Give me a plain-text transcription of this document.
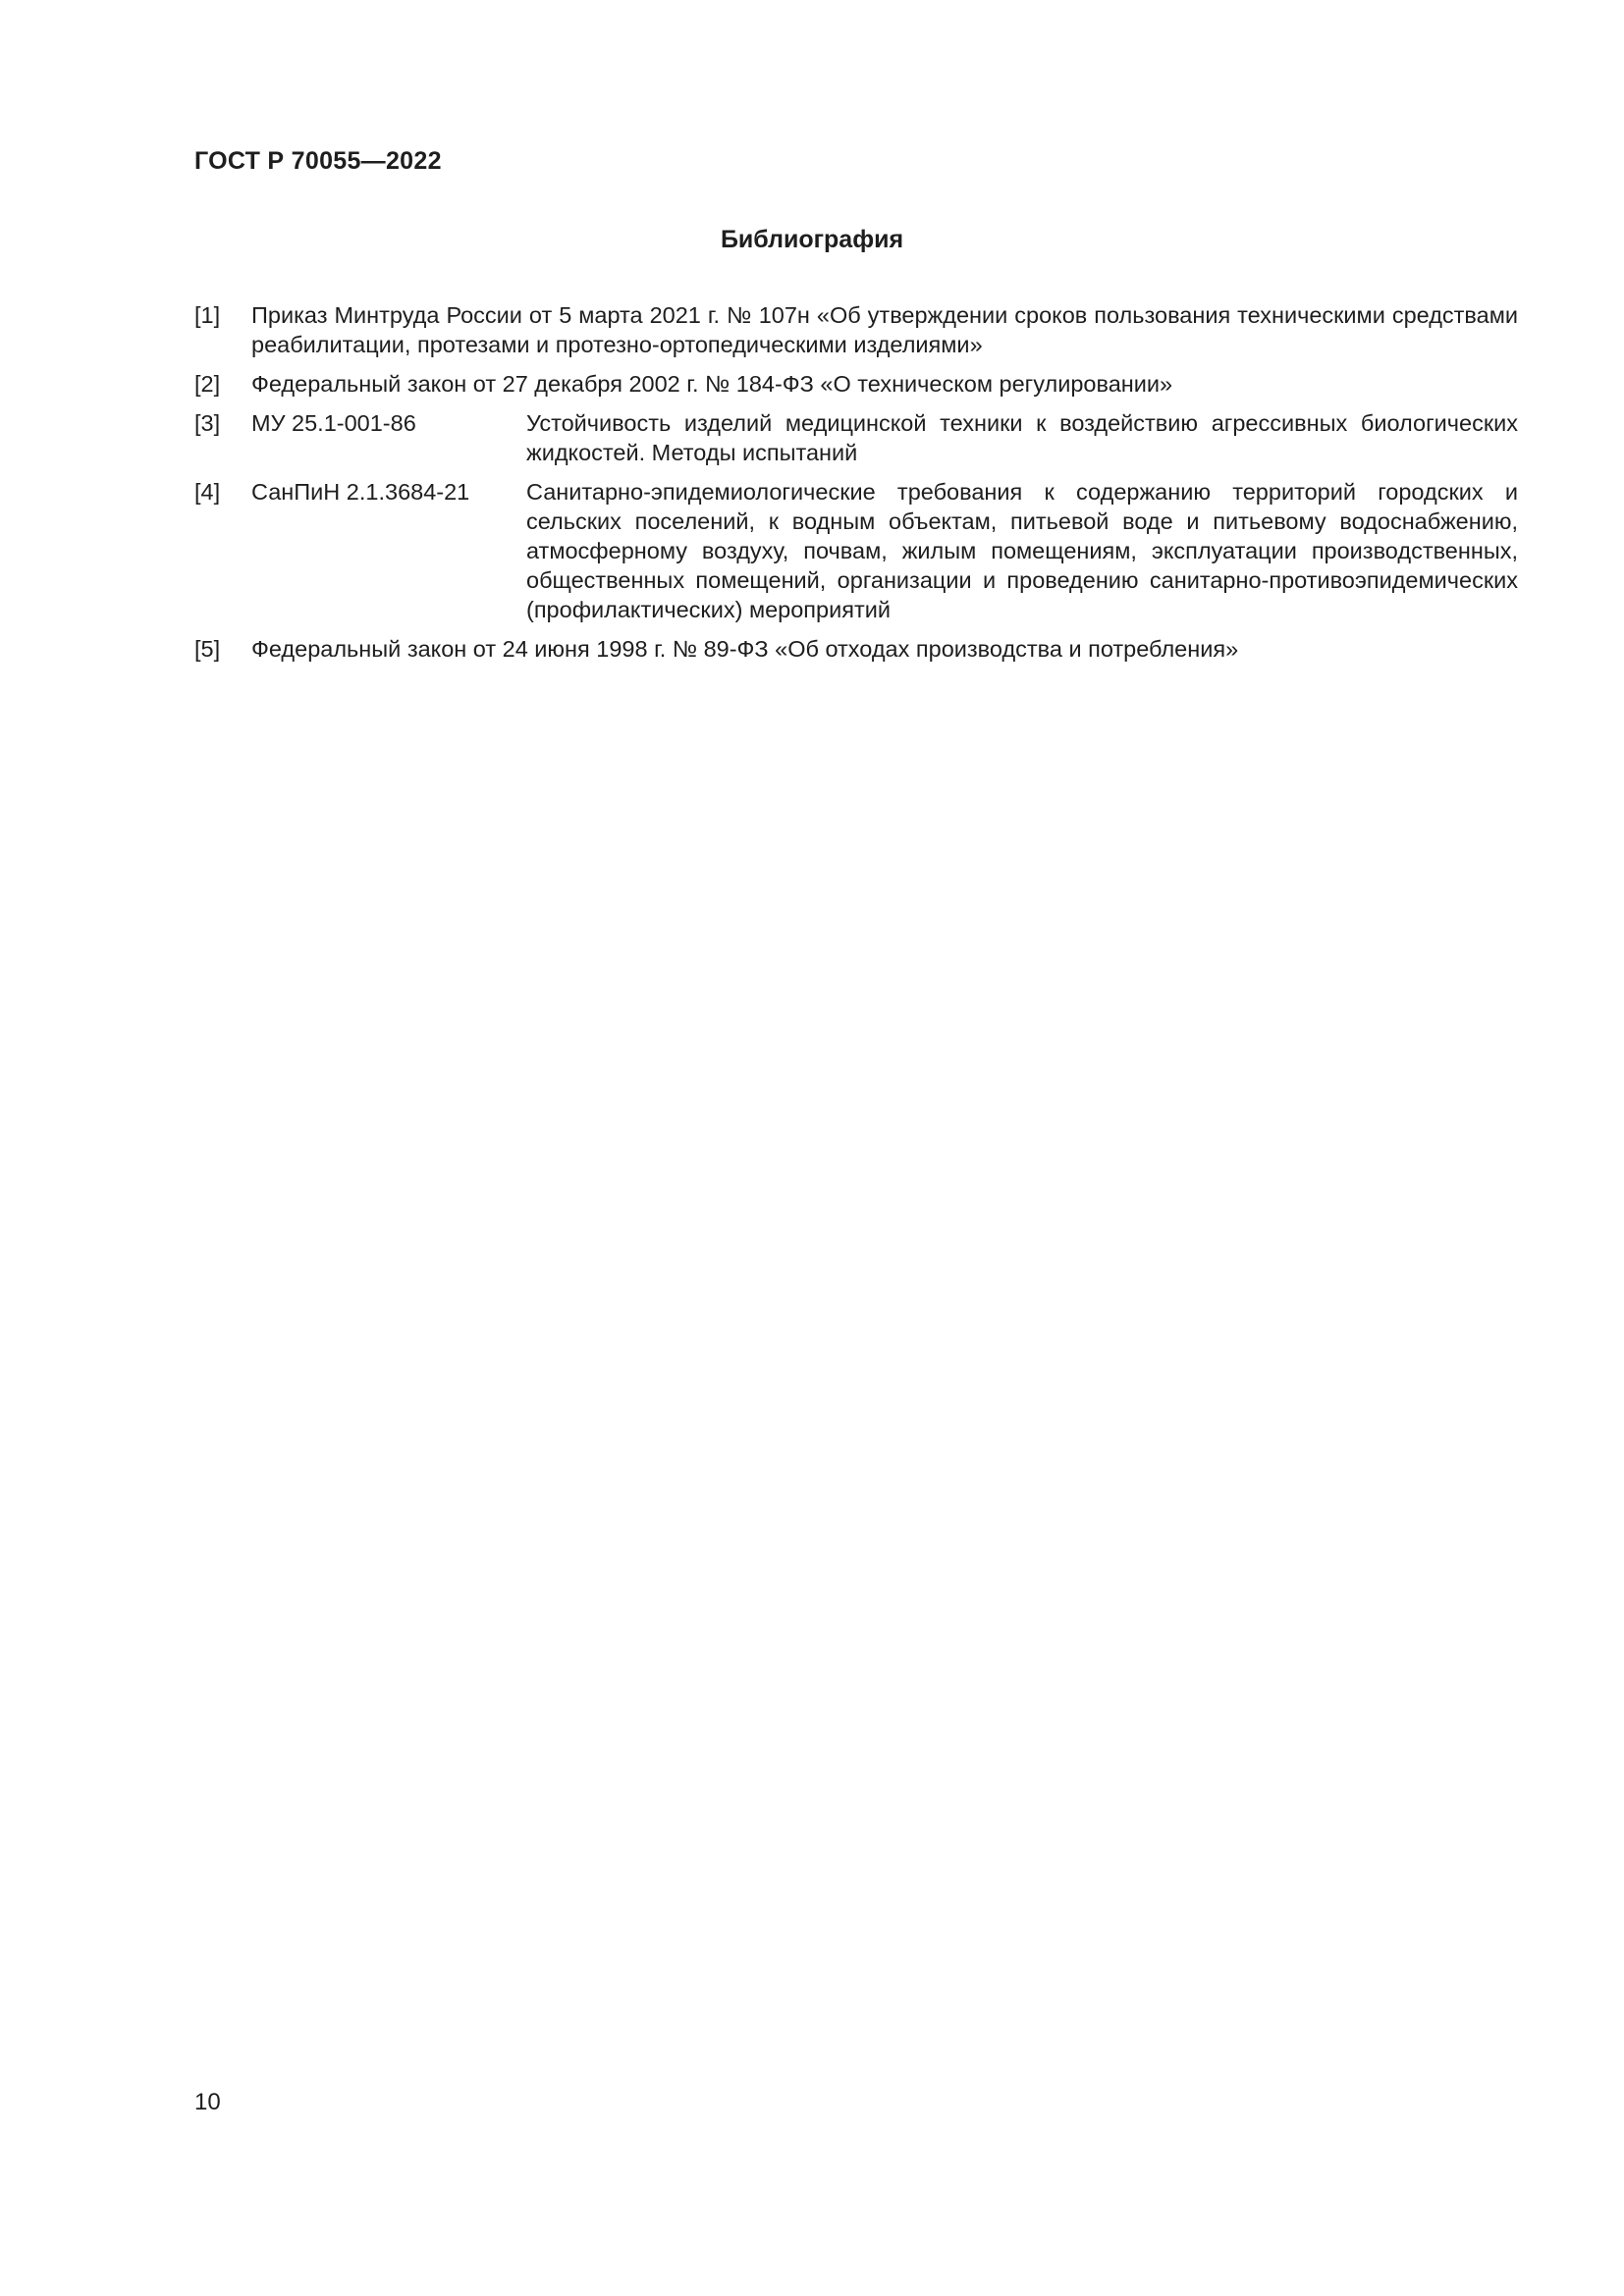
ГОСТ Р 70055—2022
Библиография
[1]	Приказ Минтруда России от 5 марта 2021 г. № 107н «Об утверждении сроков пользования техническими средствами реабилитации, протезами и протезно-ортопедическими изделиями»
[2]	Федеральный закон от 27 декабря 2002 г. № 184-ФЗ «О техническом регулировании»
[3]	МУ 25.1-001-86	Устойчивость изделий медицинской техники к воздействию агрессивных биологических жидкостей. Методы испытаний
[4]	СанПиН 2.1.3684-21	Санитарно-эпидемиологические требования к содержанию территорий городских и сельских поселений, к водным объектам, питьевой воде и питьевому водоснабжению, атмосферному воздуху, почвам, жилым помещениям, эксплуатации производственных, общественных помещений, организации и проведению санитарно-противоэпидемических (профилактических) мероприятий
[5]	Федеральный закон от 24 июня 1998 г. № 89-ФЗ «Об отходах производства и потребления»
10
